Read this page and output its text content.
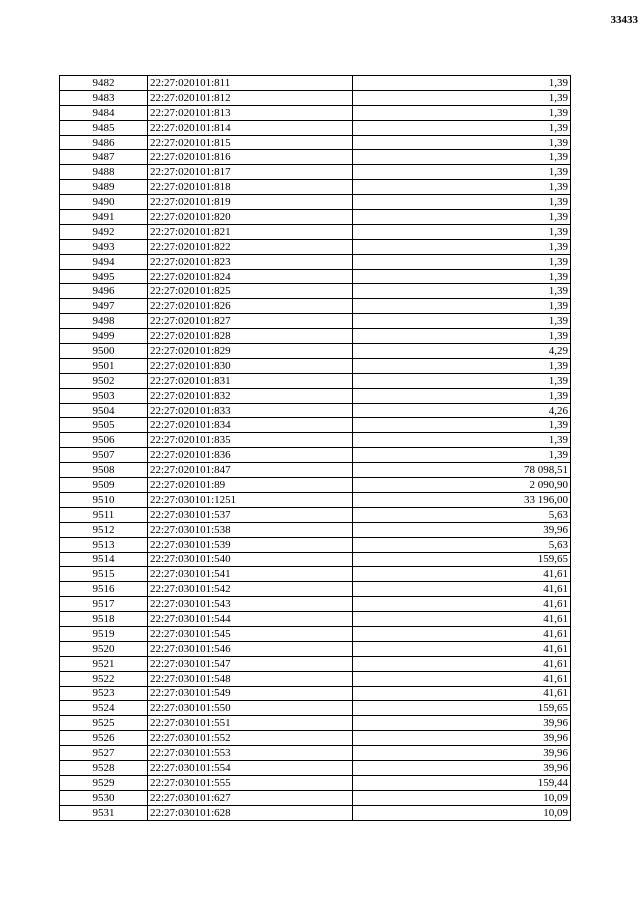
33433
9482	22:27:020101:811	1,39
9483	22:27:020101:812	1,39
9484	22:27:020101:813	1,39
9485	22:27:020101:814	1,39
9486	22:27:020101:815	1,39
9487	22:27:020101:816	1,39
9488	22:27:020101:817	1,39
9489	22:27:020101:818	1,39
9490	22:27:020101:819	1,39
9491	22:27:020101:820	1,39
9492	22:27:020101:821	1,39
9493	22:27:020101:822	1,39
9494	22:27:020101:823	1,39
9495	22:27:020101:824	1,39
9496	22:27:020101:825	1,39
9497	22:27:020101:826	1,39
9498	22:27:020101:827	1,39
9499	22:27:020101:828	1,39
9500	22:27:020101:829	4,29
9501	22:27:020101:830	1,39
9502	22:27:020101:831	1,39
9503	22:27:020101:832	1,39
9504	22:27:020101:833	4,26
9505	22:27:020101:834	1,39
9506	22:27:020101:835	1,39
9507	22:27:020101:836	1,39
9508	22:27:020101:847	78 098,51
9509	22:27:020101:89	2 090,90
9510	22:27:030101:1251	33 196,00
9511	22:27:030101:537	5,63
9512	22:27:030101:538	39,96
9513	22:27:030101:539	5,63
9514	22:27:030101:540	159,65
9515	22:27:030101:541	41,61
9516	22:27:030101:542	41,61
9517	22:27:030101:543	41,61
9518	22:27:030101:544	41,61
9519	22:27:030101:545	41,61
9520	22:27:030101:546	41,61
9521	22:27:030101:547	41,61
9522	22:27:030101:548	41,61
9523	22:27:030101:549	41,61
9524	22:27:030101:550	159,65
9525	22:27:030101:551	39,96
9526	22:27:030101:552	39,96
9527	22:27:030101:553	39,96
9528	22:27:030101:554	39,96
9529	22:27:030101:555	159,44
9530	22:27:030101:627	10,09
9531	22:27:030101:628	10,09
